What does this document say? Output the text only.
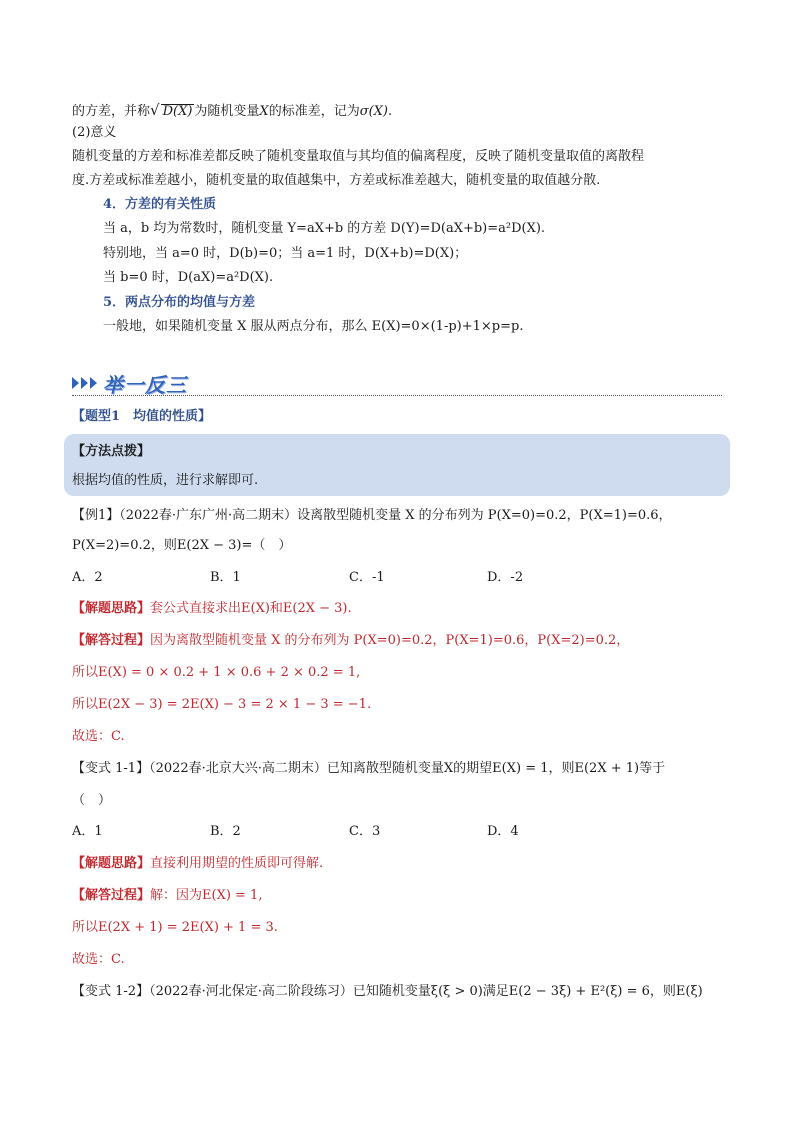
的方差，并称√ D(X) 为随机变量X的标准差，记为σ(X).
(2)意义
随机变量的方差和标准差都反映了随机变量取值与其均值的偏离程度，反映了随机变量取值的离散程
度.方差或标准差越小，随机变量的取值越集中，方差或标准差越大，随机变量的取值越分散.
4．方差的有关性质
当 a，b 均为常数时，随机变量 Y=aX+b 的方差 D(Y)=D(aX+b)=a²D(X).
特别地，当 a=0 时，D(b)=0；当 a=1 时，D(X+b)=D(X)；
当 b=0 时，D(aX)=a²D(X).
5．两点分布的均值与方差
一般地，如果随机变量 X 服从两点分布，那么 E(X)=0×(1-p)+1×p=p.
举一反三
【题型1　均值的性质】
【方法点拨】
根据均值的性质，进行求解即可.
【例1】（2022春·广东广州·高二期末）设离散型随机变量 X 的分布列为 P(X=0)=0.2，P(X=1)=0.6，
P(X=2)=0.2，则E(2X − 3)=（　）
A．2	B．1	C．-1	D．-2
【解题思路】套公式直接求出E(X)和E(2X − 3).
【解答过程】因为离散型随机变量 X 的分布列为 P(X=0)=0.2，P(X=1)=0.6，P(X=2)=0.2，
所以E(X) = 0 × 0.2 + 1 × 0.6 + 2 × 0.2 = 1,
所以E(2X − 3) = 2E(X) − 3 = 2 × 1 − 3 = −1.
故选：C.
【变式 1-1】（2022春·北京大兴·高二期末）已知离散型随机变量X的期望E(X) = 1，则E(2X + 1)等于
（　）
A．1	B．2	C．3	D．4
【解题思路】直接利用期望的性质即可得解.
【解答过程】解：因为E(X) = 1,
所以E(2X + 1) = 2E(X) + 1 = 3.
故选：C.
【变式 1-2】（2022春·河北保定·高二阶段练习）已知随机变量ξ(ξ > 0)满足E(2 − 3ξ) + E²(ξ) = 6，则E(ξ)
